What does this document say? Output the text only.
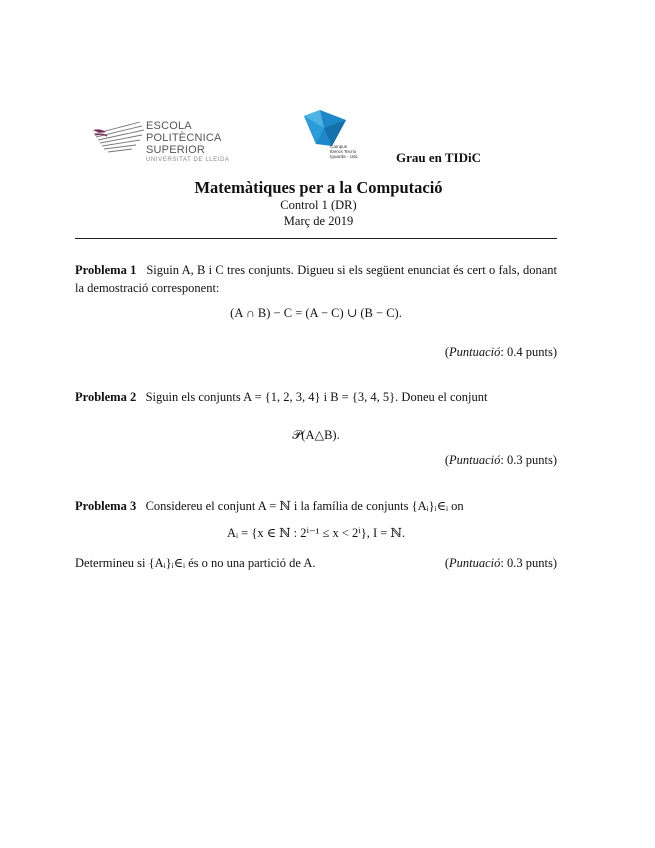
ESCOLA
POLITÈCNICA SUPERIOR
UNIVERSITAT DE LLEIDA
Campus
Iberus Tecno
Iguarda - UdL	Grau en TIDiC
Matemàtiques per a la Computació
Control 1 (DR)
Març de 2019
Problema 1 Siguin A, B i C tres conjunts. Digueu si els següent enunciat és cert o fals, donant la demostració corresponent:
(A ∩ B) − C = (A − C) ∪ (B − C).
(Puntuació: 0.4 punts)
Problema 2 Siguin els conjunts A = {1, 2, 3, 4} i B = {3, 4, 5}. Doneu el conjunt
𝒫(A△B).
(Puntuació: 0.3 punts)
Problema 3 Considereu el conjunt A = ℕ i la família de conjunts {Aᵢ}ᵢ∈ᵢ on
Aᵢ = {x ∈ ℕ : 2ⁱ⁻¹ ≤ x < 2ⁱ}, I = ℕ.
Determineu si {Aᵢ}ᵢ∈ᵢ és o no una partició de A.	(Puntuació: 0.3 punts)
